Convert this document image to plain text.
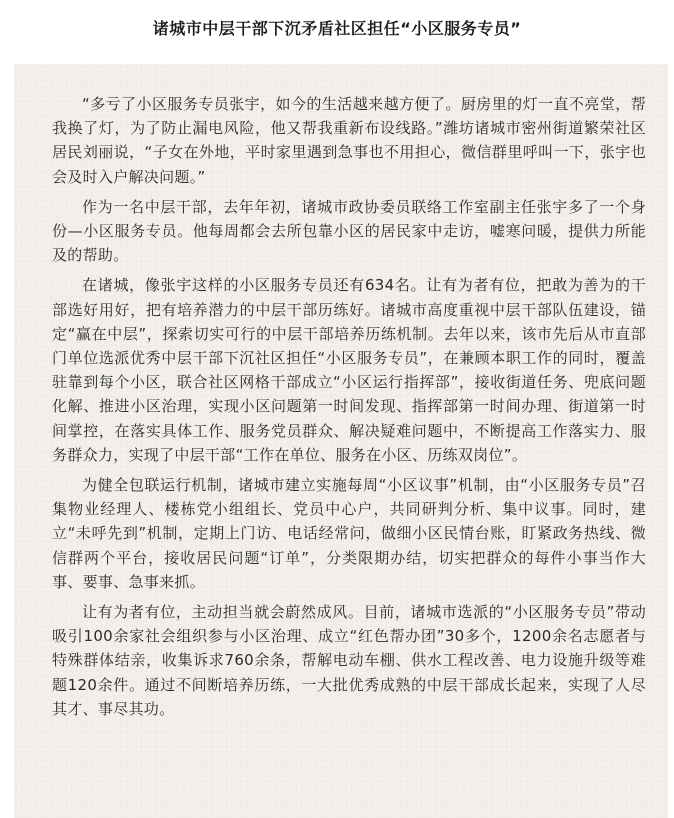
诸城市中层干部下沉矛盾社区担任“小区服务专员”

“多亏了小区服务专员张宇，如今的生活越来越方便了。厨房里的灯一直不亮堂，帮我换了灯，为了防止漏电风险，他又帮我重新布设线路。”潍坊诸城市密州街道繁荣社区居民刘丽说，“子女在外地，平时家里遇到急事也不用担心，微信群里呼叫一下，张宇也会及时入户解决问题。”

作为一名中层干部，去年年初，诸城市政协委员联络工作室副主任张宇多了一个身份—小区服务专员。他每周都会去所包靠小区的居民家中走访，嘘寒问暖，提供力所能及的帮助。

在诸城，像张宇这样的小区服务专员还有634名。让有为者有位，把敢为善为的干部选好用好，把有培养潜力的中层干部历练好。诸城市高度重视中层干部队伍建设，锚定“赢在中层”，探索切实可行的中层干部培养历练机制。去年以来，该市先后从市直部门单位选派优秀中层干部下沉社区担任“小区服务专员”，在兼顾本职工作的同时，覆盖驻靠到每个小区，联合社区网格干部成立“小区运行指挥部”，接收街道任务、兜底问题化解、推进小区治理，实现小区问题第一时间发现、指挥部第一时间办理、街道第一时间掌控，在落实具体工作、服务党员群众、解决疑难问题中，不断提高工作落实力、服务群众力，实现了中层干部“工作在单位、服务在小区、历练双岗位”。

为健全包联运行机制，诸城市建立实施每周“小区议事”机制，由“小区服务专员”召集物业经理人、楼栋党小组组长、党员中心户，共同研判分析、集中议事。同时，建立“未呼先到”机制，定期上门访、电话经常问，做细小区民情台账，盯紧政务热线、微信群两个平台，接收居民问题“订单”，分类限期办结，切实把群众的每件小事当作大事、要事、急事来抓。

让有为者有位，主动担当就会蔚然成风。目前，诸城市选派的“小区服务专员”带动吸引100余家社会组织参与小区治理、成立“红色帮办团”30多个，1200余名志愿者与特殊群体结亲，收集诉求760余条，帮解电动车棚、供水工程改善、电力设施升级等难题120余件。通过不间断培养历练，一大批优秀成熟的中层干部成长起来，实现了人尽其才、事尽其功。
